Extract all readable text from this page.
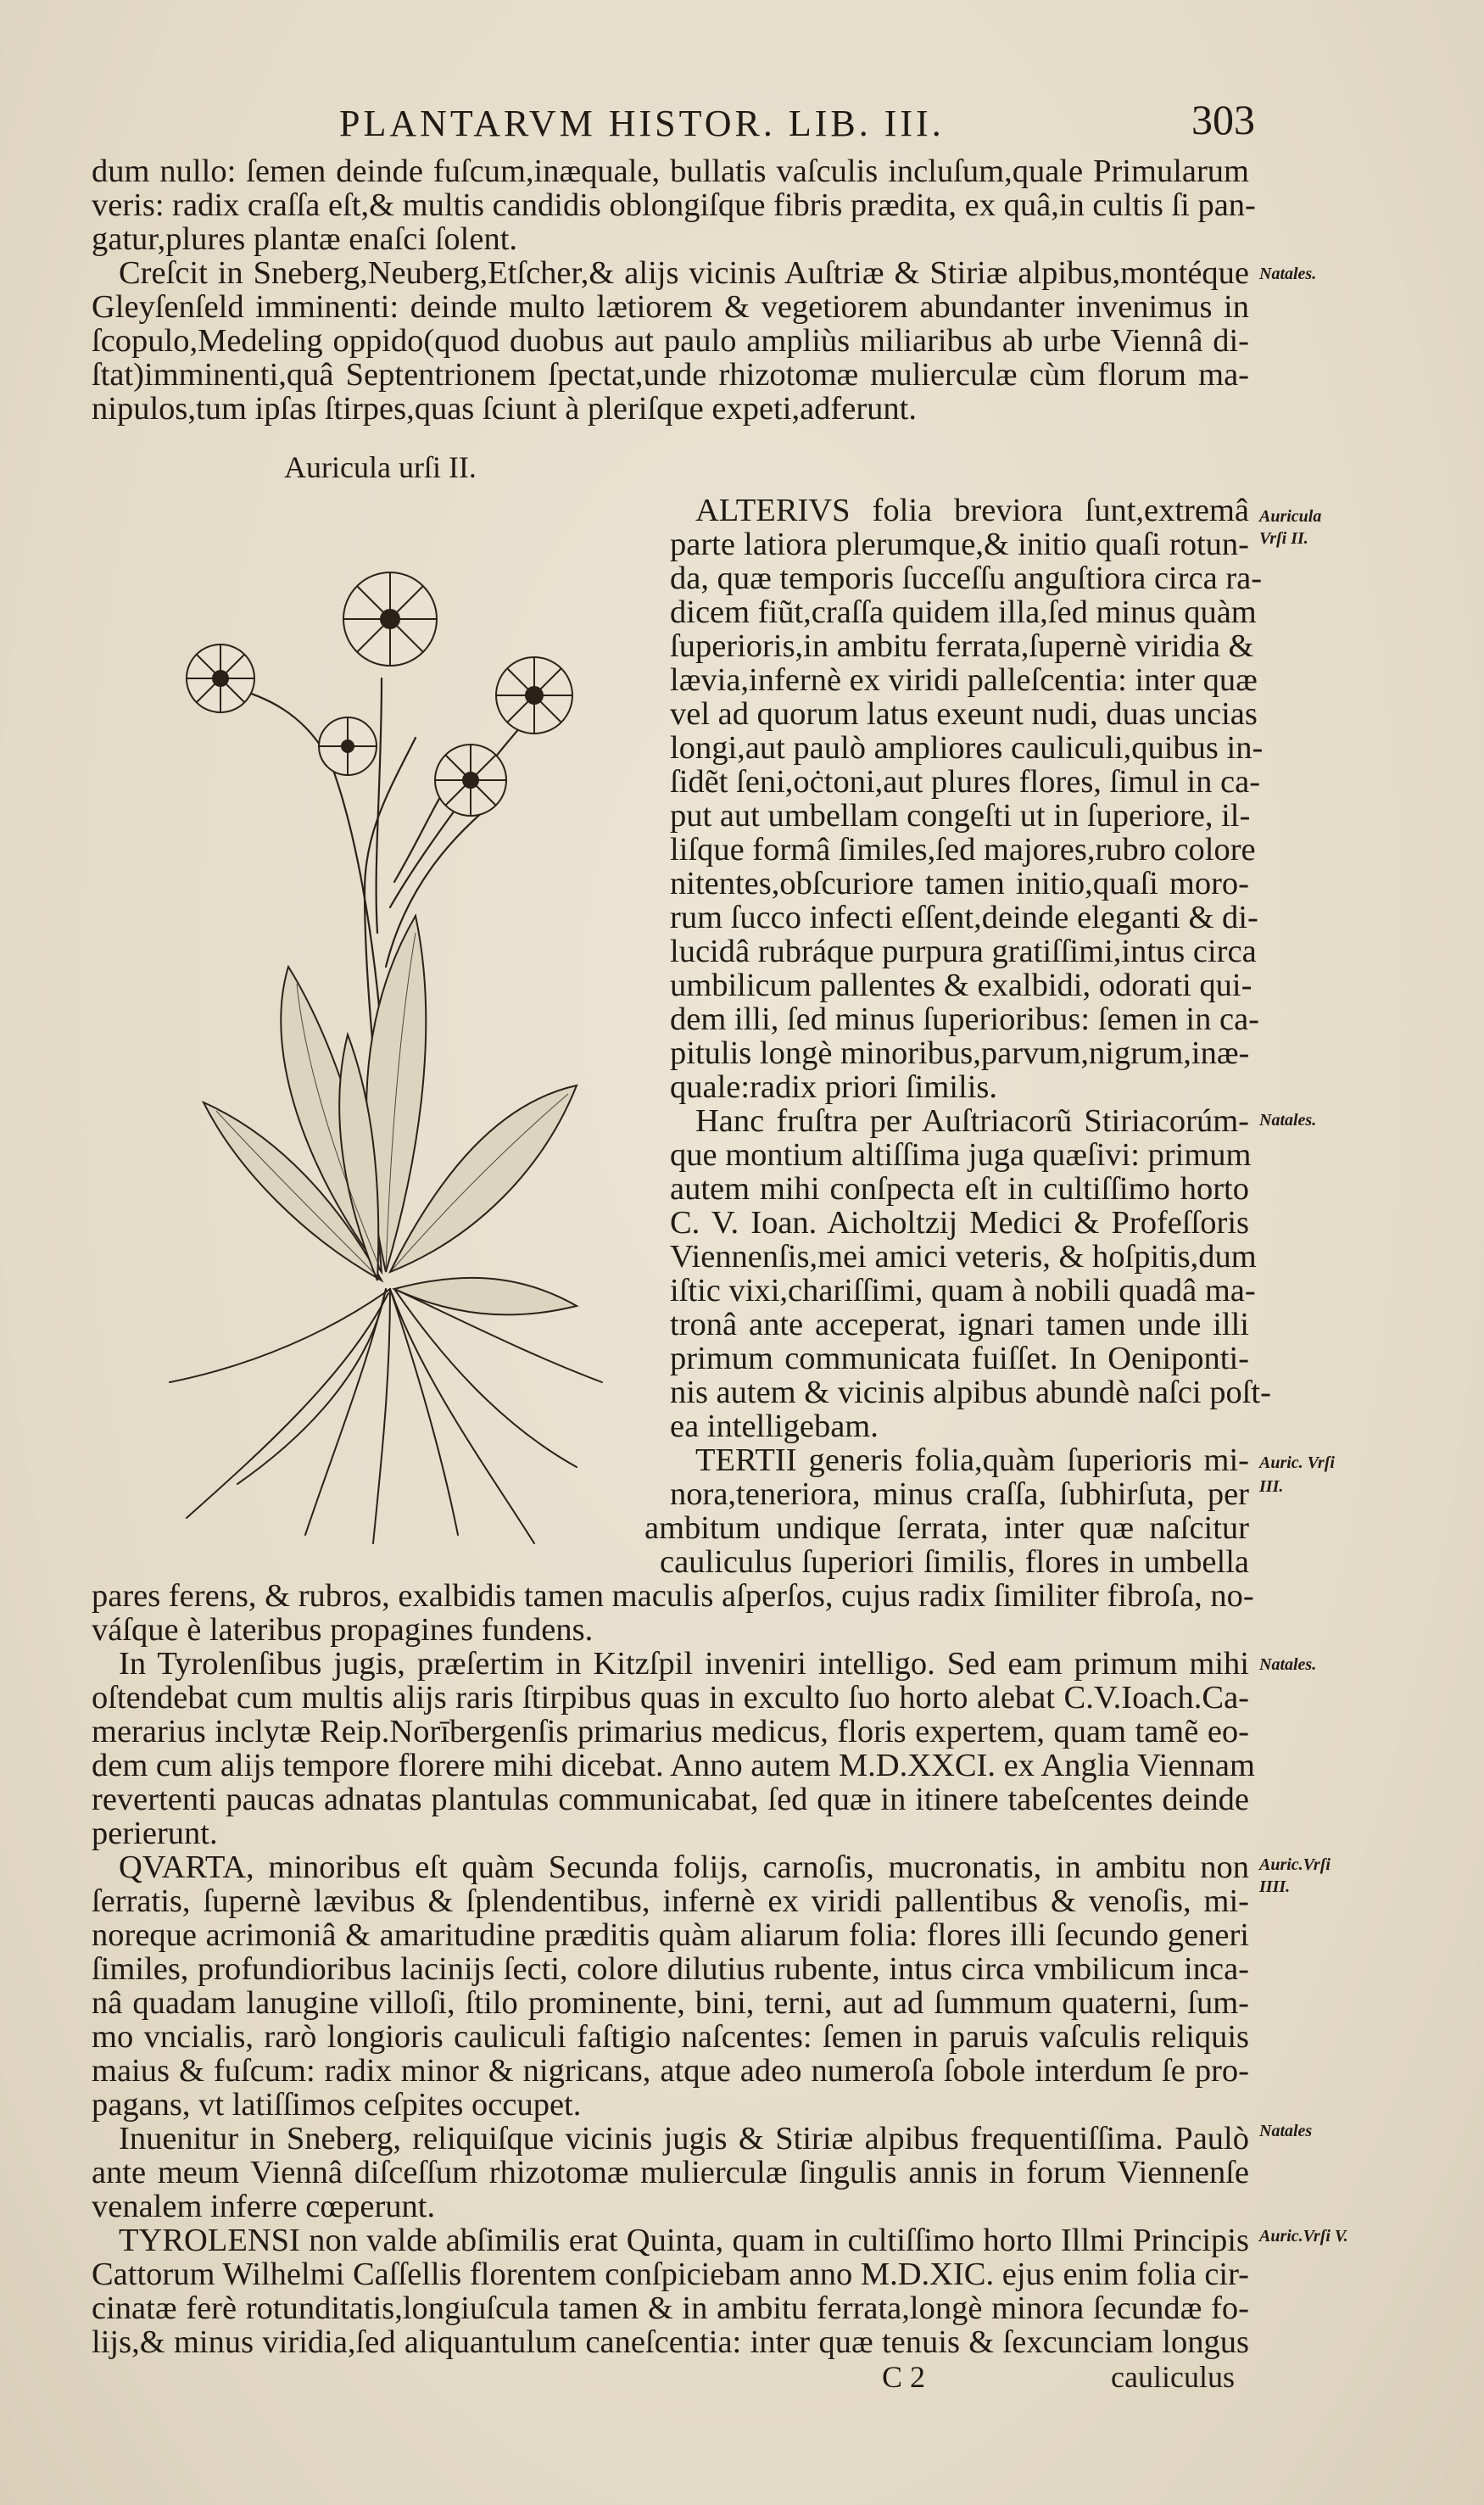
PLANTARVM HISTOR. LIB. III.	303
dum nullo: ſemen deinde fuſcum,inæquale, bullatis vaſculis incluſum,quale Primularum
veris: radix craſſa eſt,& multis candidis oblongiſque fibris prædita, ex quâ,in cultis ſi pan-
gatur,plures plantæ enaſci ſolent.
Creſcit in Sneberg,Neuberg,Etſcher,& alijs vicinis Auſtriæ & Stiriæ alpibus,montéque
Gleyſenſeld imminenti: deinde multo lætiorem & vegetiorem abundanter invenimus in
ſcopulo,Medeling oppido(quod duobus aut paulo ampliùs miliaribus ab urbe Viennâ di-
ſtat)imminenti,quâ Septentrionem ſpectat,unde rhizotomæ mulierculæ cùm florum ma-
nipulos,tum ipſas ſtirpes,quas ſciunt à pleriſque expeti,adferunt.
Auricula urſi II.
ALTERIVS folia breviora ſunt,extremâ
parte latiora plerumque,& initio quaſi rotun-
da, quæ temporis ſucceſſu anguſtiora circa ra-
dicem fiũt,craſſa quidem illa,ſed minus quàm
ſuperioris,in ambitu ferrata,ſupernè viridia &
lævia,infernè ex viridi palleſcentia: inter quæ
vel ad quorum latus exeunt nudi, duas uncias
longi,aut paulò ampliores cauliculi,quibus in-
ſidẽt ſeni,oċtoni,aut plures flores, ſimul in ca-
put aut umbellam congeſti ut in ſuperiore, il-
liſque formâ ſimiles,ſed majores,rubro colore
nitentes,obſcuriore tamen initio,quaſi moro-
rum ſucco infecti eſſent,deinde eleganti & di-
lucidâ rubráque purpura gratiſſimi,intus circa
umbilicum pallentes & exalbidi, odorati qui-
dem illi, ſed minus ſuperioribus: ſemen in ca-
pitulis longè minoribus,parvum,nigrum,inæ-
quale:radix priori ſimilis.
Hanc fruſtra per Auſtriacorũ Stiriacorúm-
que montium altiſſima juga quæſivi: primum
autem mihi conſpecta eſt in cultiſſimo horto
C. V. Ioan. Aicholtzij Medici & Profeſſoris
Viennenſis,mei amici veteris, & hoſpitis,dum
iſtic vixi,chariſſimi, quam à nobili quadâ ma-
tronâ ante acceperat, ignari tamen unde illi
primum communicata fuiſſet. In Oeniponti-
nis autem & vicinis alpibus abundè naſci poſt-
ea intelligebam.
TERTII generis folia,quàm ſuperioris mi-
nora,teneriora, minus craſſa, ſubhirſuta, per
ambitum undique ſerrata, inter quæ naſcitur
cauliculus ſuperiori ſimilis, flores in umbella
pares ferens, & rubros, exalbidis tamen maculis aſperſos, cujus radix ſimiliter fibroſa, no-
váſque è lateribus propagines fundens.
In Tyrolenſibus jugis, præſertim in Kitzſpil inveniri intelligo. Sed eam primum mihi
oſtendebat cum multis alijs raris ſtirpibus quas in exculto ſuo horto alebat C.V.Ioach.Ca-
merarius inclytæ Reip.Norībergenſis primarius medicus, floris expertem, quam tamẽ eo-
dem cum alijs tempore florere mihi dicebat. Anno autem M.D.XXCI. ex Anglia Viennam
revertenti paucas adnatas plantulas communicabat, ſed quæ in itinere tabeſcentes deinde
perierunt.
QVARTA, minoribus eſt quàm Secunda folijs, carnoſis, mucronatis, in ambitu non
ſerratis, ſupernè lævibus & ſplendentibus, infernè ex viridi pallentibus & venoſis, mi-
noreque acrimoniâ & amaritudine præditis quàm aliarum folia: flores illi ſecundo generi
ſimiles, profundioribus lacinijs ſecti, colore dilutius rubente, intus circa vmbilicum inca-
nâ quadam lanugine villoſi, ſtilo prominente, bini, terni, aut ad ſummum quaterni, ſum-
mo vncialis, rarò longioris cauliculi faſtigio naſcentes: ſemen in paruis vaſculis reliquis
maius & fuſcum: radix minor & nigricans, atque adeo numeroſa ſobole interdum ſe pro-
pagans, vt latiſſimos ceſpites occupet.
Inuenitur in Sneberg, reliquiſque vicinis jugis & Stiriæ alpibus frequentiſſima. Paulò
ante meum Viennâ diſceſſum rhizotomæ mulierculæ ſingulis annis in forum Viennenſe
venalem inferre cœperunt.
TYROLENSI non valde abſimilis erat Quinta, quam in cultiſſimo horto Illmi Principis
Cattorum Wilhelmi Caſſellis florentem conſpiciebam anno M.D.XIC. ejus enim folia cir-
cinatæ ferè rotunditatis,longiuſcula tamen & in ambitu ferrata,longè minora ſecundæ fo-
lijs,& minus viridia,ſed aliquantulum caneſcentia: inter quæ tenuis & ſexcunciam longus
C 2	cauliculus
Natales.
Auricula
Vrſi II.
Natales.
Auric. Vrſi
III.
Natales.
Auric.Vrſi
IIII.
Natales
Auric.Vrſi V.
